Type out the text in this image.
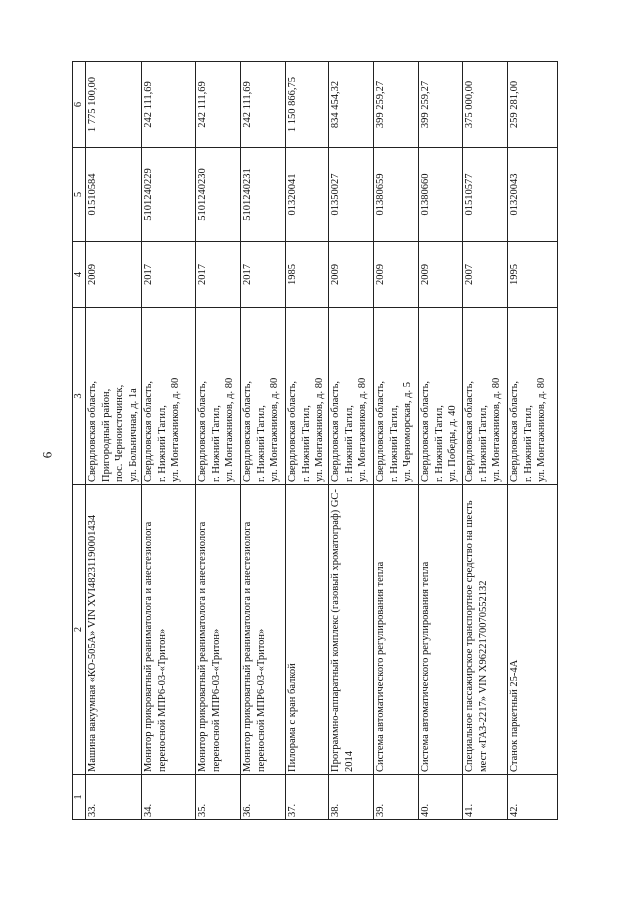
6
1	2	3	4	5	6
33.	Машина вакуумная «КО-505А» VIN XVI48231190001434	Свердловская область,
Пригородный район,
пос. Черноисточинск,
ул. Больничная, д. 1а	2009	01510584	1 775 100,00
34.	Монитор прикроватный реаниматолога и анестезиолога переносной МПР6-03-«Тритон»	Свердловская область,
г. Нижний Тагил,
ул. Монтажников, д. 80	2017	5101240229	242 111,69
35.	Монитор прикроватный реаниматолога и анестезиолога переносной МПР6-03-«Тритон»	Свердловская область,
г. Нижний Тагил,
ул. Монтажников, д. 80	2017	5101240230	242 111,69
36.	Монитор прикроватный реаниматолога и анестезиолога переносной МПР6-03-«Тритон»	Свердловская область,
г. Нижний Тагил,
ул. Монтажников, д. 80	2017	5101240231	242 111,69
37.	Пилорама с кран балкой	Свердловская область,
г. Нижний Тагил,
ул. Монтажников, д. 80	1985	01320041	1 150 866,75
38.	Программно-аппаратный комплекс (газовый хроматограф) GC-2014	Свердловская область,
г. Нижний Тагил,
ул. Монтажников, д. 80	2009	01350027	834 454,32
39.	Система автоматического регулирования тепла	Свердловская область,
г. Нижний Тагил,
ул. Черноморская, д. 5	2009	01380659	399 259,27
40.	Система автоматического регулирования тепла	Свердловская область,
г. Нижний Тагил,
ул. Победы, д. 40	2009	01380660	399 259,27
41.	Специальное пассажирское транспортное средство на шесть мест «ГАЗ-2217» VIN X96221700705521З2	Свердловская область,
г. Нижний Тагил,
ул. Монтажников, д. 80	2007	01510577	375 000,00
42.	Станок паркетный 25-4А	Свердловская область,
г. Нижний Тагил,
ул. Монтажников, д. 80	1995	01320043	259 281,00
